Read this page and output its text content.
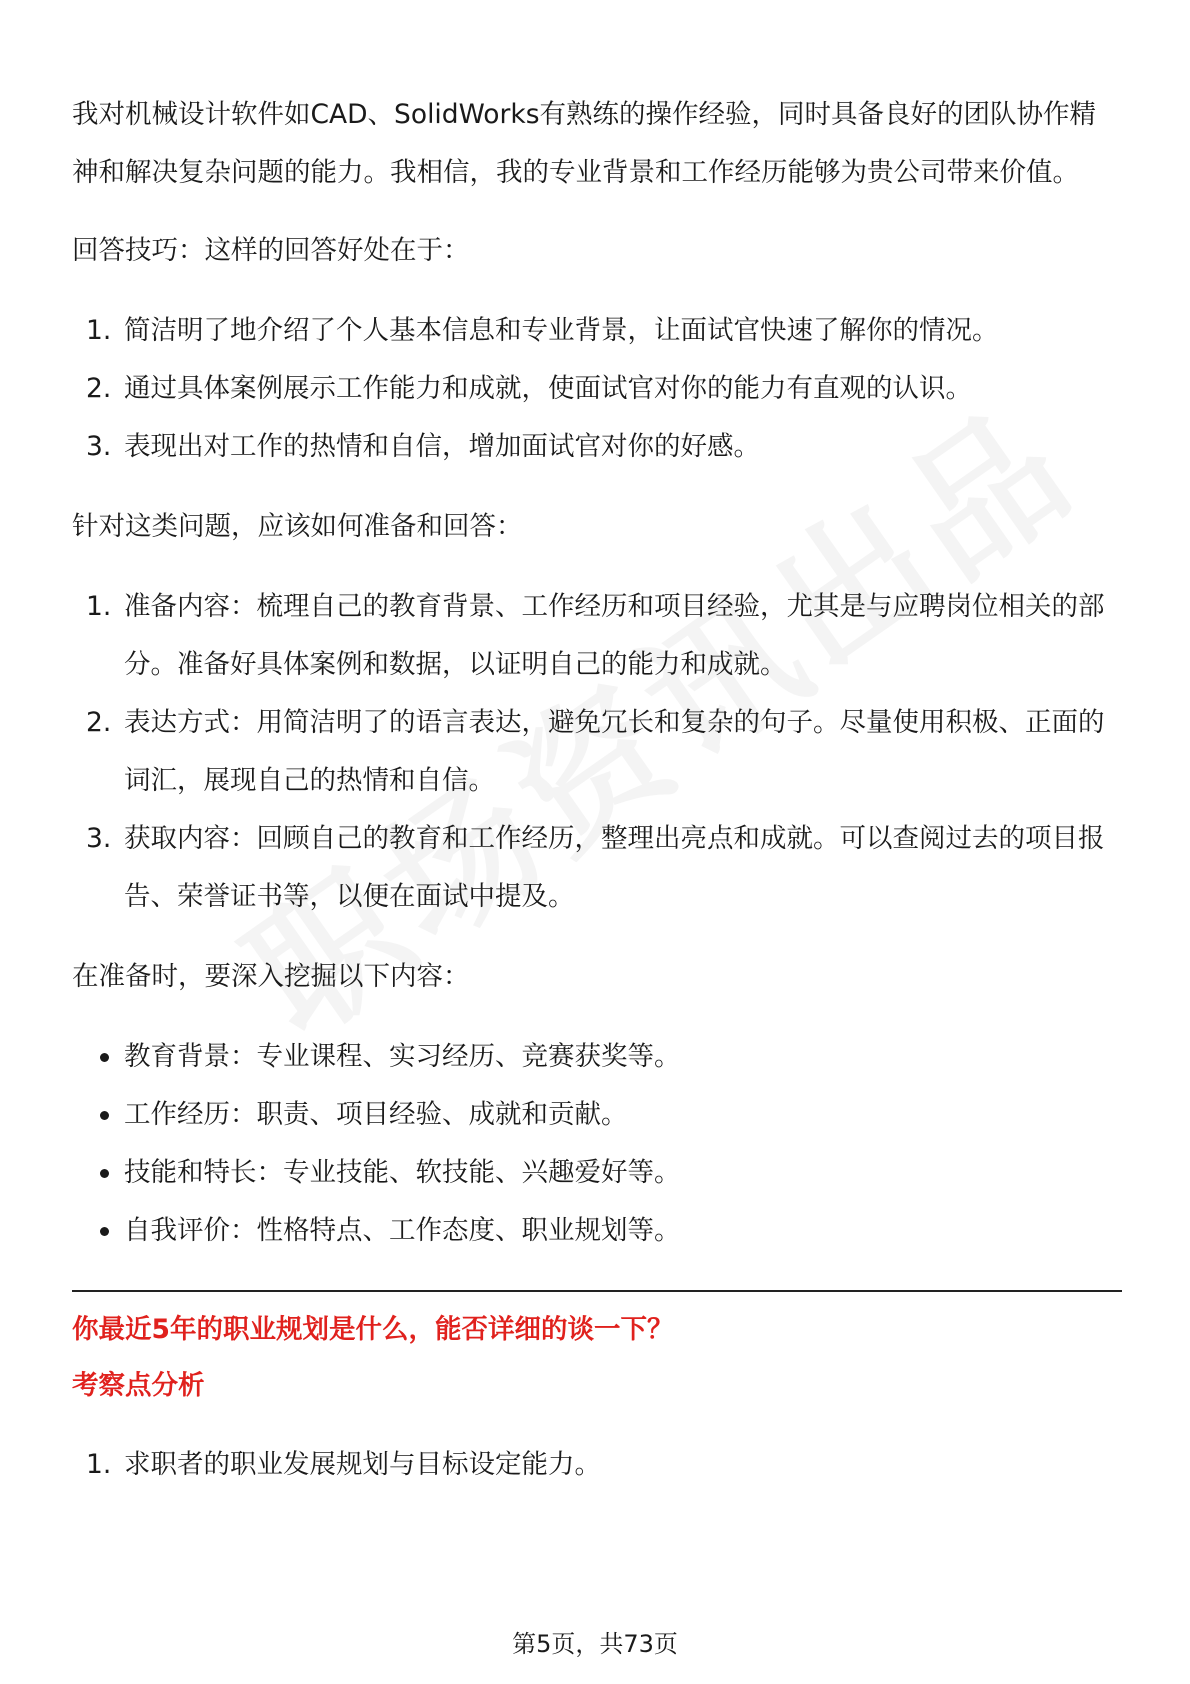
我对机械设计软件如CAD、SolidWorks有熟练的操作经验，同时具备良好的团队协作精神和解决复杂问题的能力。我相信，我的专业背景和工作经历能够为贵公司带来价值。

回答技巧：这样的回答好处在于：

1. 简洁明了地介绍了个人基本信息和专业背景，让面试官快速了解你的情况。
2. 通过具体案例展示工作能力和成就，使面试官对你的能力有直观的认识。
3. 表现出对工作的热情和自信，增加面试官对你的好感。

针对这类问题，应该如何准备和回答：

1. 准备内容：梳理自己的教育背景、工作经历和项目经验，尤其是与应聘岗位相关的部分。准备好具体案例和数据，以证明自己的能力和成就。
2. 表达方式：用简洁明了的语言表达，避免冗长和复杂的句子。尽量使用积极、正面的词汇，展现自己的热情和自信。
3. 获取内容：回顾自己的教育和工作经历，整理出亮点和成就。可以查阅过去的项目报告、荣誉证书等，以便在面试中提及。

在准备时，要深入挖掘以下内容：

教育背景：专业课程、实习经历、竞赛获奖等。
工作经历：职责、项目经验、成就和贡献。
技能和特长：专业技能、软技能、兴趣爱好等。
自我评价：性格特点、工作态度、职业规划等。

你最近5年的职业规划是什么，能否详细的谈一下？

考察点分析

1. 求职者的职业发展规划与目标设定能力。
第5页，共73页
